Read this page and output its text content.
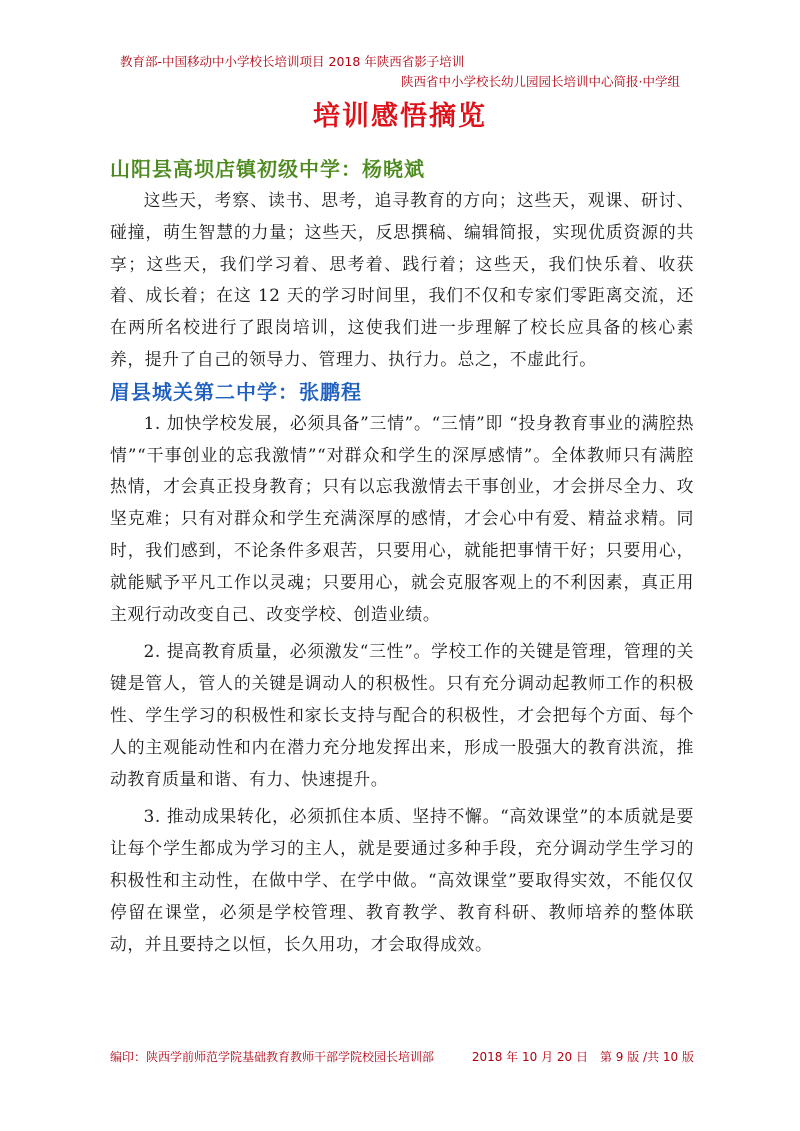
教育部-中国移动中小学校长培训项目 2018 年陕西省影子培训
陕西省中小学校长幼儿园园长培训中心简报·中学组
培训感悟摘览
山阳县高坝店镇初级中学：杨晓斌

这些天，考察、读书、思考，追寻教育的方向；这些天，观课、研讨、碰撞，萌生智慧的力量；这些天，反思撰稿、编辑简报，实现优质资源的共享；这些天，我们学习着、思考着、践行着；这些天，我们快乐着、收获着、成长着；在这 12 天的学习时间里，我们不仅和专家们零距离交流，还在两所名校进行了跟岗培训，这使我们进一步理解了校长应具备的核心素养，提升了自己的领导力、管理力、执行力。总之，不虚此行。

眉县城关第二中学：张鹏程

1. 加快学校发展，必须具备”三情”。“三情”即 “投身教育事业的满腔热情”“干事创业的忘我激情”“对群众和学生的深厚感情”。全体教师只有满腔热情，才会真正投身教育；只有以忘我激情去干事创业，才会拼尽全力、攻坚克难；只有对群众和学生充满深厚的感情，才会心中有爱、精益求精。同时，我们感到，不论条件多艰苦，只要用心，就能把事情干好；只要用心，就能赋予平凡工作以灵魂；只要用心，就会克服客观上的不利因素，真正用主观行动改变自己、改变学校、创造业绩。

2. 提高教育质量，必须激发“三性”。学校工作的关键是管理，管理的关键是管人，管人的关键是调动人的积极性。只有充分调动起教师工作的积极性、学生学习的积极性和家长支持与配合的积极性，才会把每个方面、每个人的主观能动性和内在潜力充分地发挥出来，形成一股强大的教育洪流，推动教育质量和谐、有力、快速提升。

3. 推动成果转化，必须抓住本质、坚持不懈。“高效课堂”的本质就是要让每个学生都成为学习的主人，就是要通过多种手段，充分调动学生学习的积极性和主动性，在做中学、在学中做。“高效课堂”要取得实效，不能仅仅停留在课堂，必须是学校管理、教育教学、教育科研、教师培养的整体联动，并且要持之以恒，长久用功，才会取得成效。

编印：陕西学前师范学院基础教育教师干部学院校园长培训部	2018 年 10 月 20 日　第 9 版 /共 10 版
